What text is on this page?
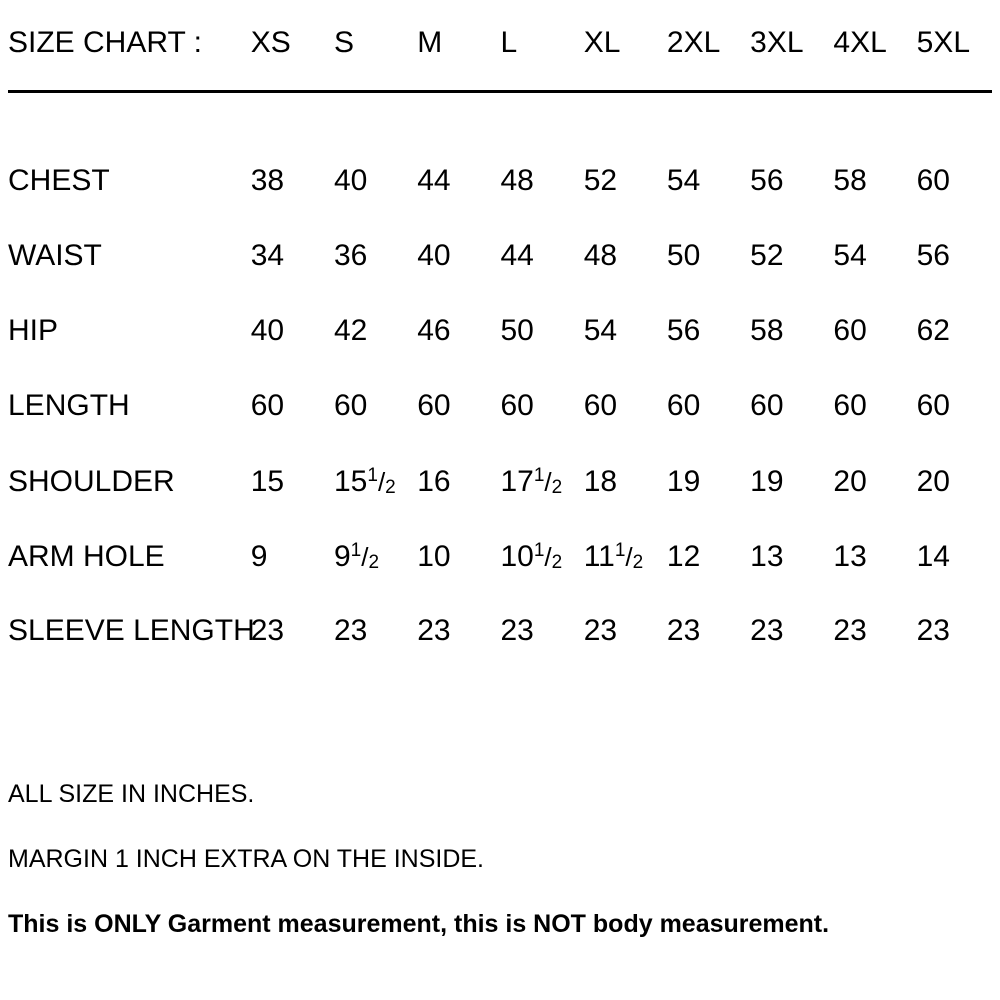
SIZE CHART :	XS	S	M	L	XL	2XL	3XL	4XL	5XL

CHEST	38	40	44	48	52	54	56	58	60
WAIST	34	36	40	44	48	50	52	54	56
HIP	40	42	46	50	54	56	58	60	62
LENGTH	60	60	60	60	60	60	60	60	60
SHOULDER	15	$15^1/2$	16	$17^1/2$	18	19	19	20	20
ARM HOLE	9	$9^1/2$	10	$10^1/2$	$11^1/2$	12	13	13	14
SLEEVE LENGTH	23	23	23	23	23	23	23	23	23
ALL SIZE IN INCHES.
MARGIN 1 INCH EXTRA ON THE INSIDE.
This is ONLY Garment measurement, this is NOT body measurement.
